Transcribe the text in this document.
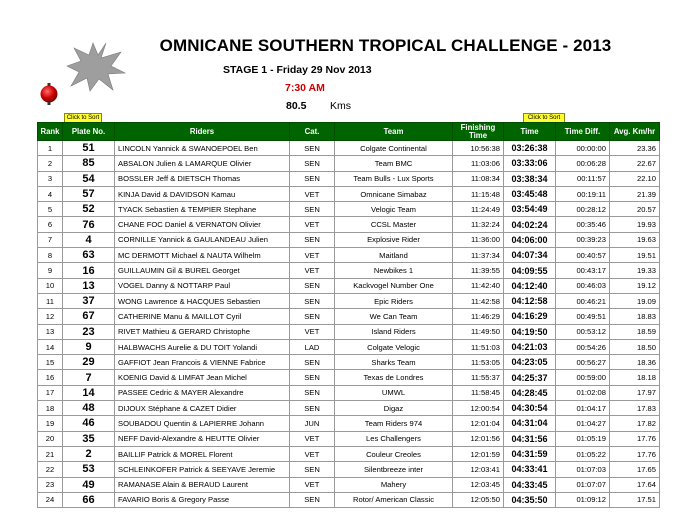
OMNICANE SOUTHERN TROPICAL CHALLENGE - 2013
STAGE 1 - Friday 29 Nov 2013
7:30 AM
80.5 Kms
Click to Sort	Click to Sort
Rank	Plate No.	Riders	Cat.	Team	Finishing Time	Time	Time Diff.	Avg. Km/hr
1	51	LINCOLN Yannick & SWANOEPOEL Ben	SEN	Colgate Continental	10:56:38	03:26:38	00:00:00	23.36
2	85	ABSALON Julien & LAMARQUE Olivier	SEN	Team BMC	11:03:06	03:33:06	00:06:28	22.67
3	54	BOSSLER Jeff & DIETSCH Thomas	SEN	Team Bulls - Lux Sports	11:08:34	03:38:34	00:11:57	22.10
4	57	KINJA David & DAVIDSON Kamau	VET	Omnicane Simabaz	11:15:48	03:45:48	00:19:11	21.39
5	52	TYACK Sebastien & TEMPIER Stephane	SEN	Velogic Team	11:24:49	03:54:49	00:28:12	20.57
6	76	CHANE FOC Daniel & VERNATON Olivier	VET	CCSL Master	11:32:24	04:02:24	00:35:46	19.93
7	4	CORNILLE Yannick & GAULANDEAU Julien	SEN	Explosive Rider	11:36:00	04:06:00	00:39:23	19.63
8	63	MC DERMOTT Michael & NAUTA Wilhelm	VET	Maitland	11:37:34	04:07:34	00:40:57	19.51
9	16	GUILLAUMIN Gil & BUREL Georget	VET	Newbikes 1	11:39:55	04:09:55	00:43:17	19.33
10	13	VOGEL Danny & NOTTARP Paul	SEN	Kackvogel Number One	11:42:40	04:12:40	00:46:03	19.12
11	37	WONG Lawrence & HACQUES Sebastien	SEN	Epic Riders	11:42:58	04:12:58	00:46:21	19.09
12	67	CATHERINE Manu & MAILLOT Cyril	SEN	We Can Team	11:46:29	04:16:29	00:49:51	18.83
13	23	RIVET Mathieu & GERARD Christophe	VET	Island Riders	11:49:50	04:19:50	00:53:12	18.59
14	9	HALBWACHS Aurelie & DU TOIT Yolandi	LAD	Colgate Velogic	11:51:03	04:21:03	00:54:26	18.50
15	29	GAFFIOT Jean Francois & VIENNE Fabrice	SEN	Sharks Team	11:53:05	04:23:05	00:56:27	18.36
16	7	KOENIG David & LIMFAT Jean Michel	SEN	Texas de Londres	11:55:37	04:25:37	00:59:00	18.18
17	14	PASSEE Cedric & MAYER Alexandre	SEN	UMWL	11:58:45	04:28:45	01:02:08	17.97
18	48	DIJOUX Stéphane & CAZET Didier	SEN	Digaz	12:00:54	04:30:54	01:04:17	17.83
19	46	SOUBADOU Quentin & LAPIERRE Johann	JUN	Team Riders 974	12:01:04	04:31:04	01:04:27	17.82
20	35	NEFF David-Alexandre & HEUTTE Olivier	VET	Les Challengers	12:01:56	04:31:56	01:05:19	17.76
21	2	BAILLIF Patrick & MOREL Florent	VET	Couleur Creoles	12:01:59	04:31:59	01:05:22	17.76
22	53	SCHLEINKOFER Patrick & SEEYAVE Jeremie	SEN	Silentbreeze inter	12:03:41	04:33:41	01:07:03	17.65
23	49	RAMANASE Alain & BERAUD Laurent	VET	Mahery	12:03:45	04:33:45	01:07:07	17.64
24	66	FAVARIO Boris & Gregory Passe	SEN	Rotor/ American Classic	12:05:50	04:35:50	01:09:12	17.51
